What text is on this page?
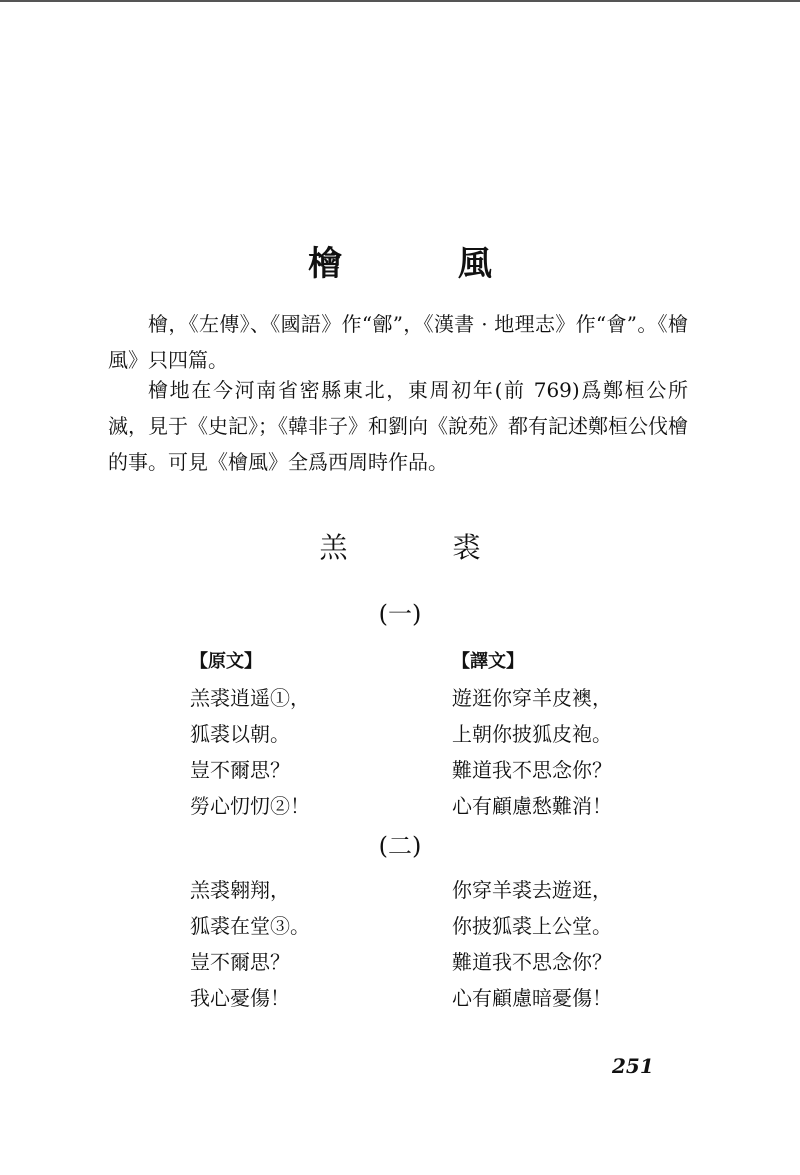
檜 風
檜，《左傳》、《國語》作“鄶”，《漢書 · 地理志》作“會”。《檜風》只四篇。
檜地在今河南省密縣東北，東周初年(前 769)爲鄭桓公所滅，見于《史記》；《韓非子》和劉向《說苑》都有記述鄭桓公伐檜的事。可見《檜風》全爲西周時作品。
羔 裘
(一)
【原文】
羔裘逍遥①，
狐裘以朝。
豈不爾思？
勞心忉忉②！
【譯文】
遊逛你穿羊皮襖，
上朝你披狐皮袍。
難道我不思念你？
心有顧慮愁難消！
(二)
羔裘翱翔，
狐裘在堂③。
豈不爾思？
我心憂傷！
你穿羊裘去遊逛，
你披狐裘上公堂。
難道我不思念你？
心有顧慮暗憂傷！
251
